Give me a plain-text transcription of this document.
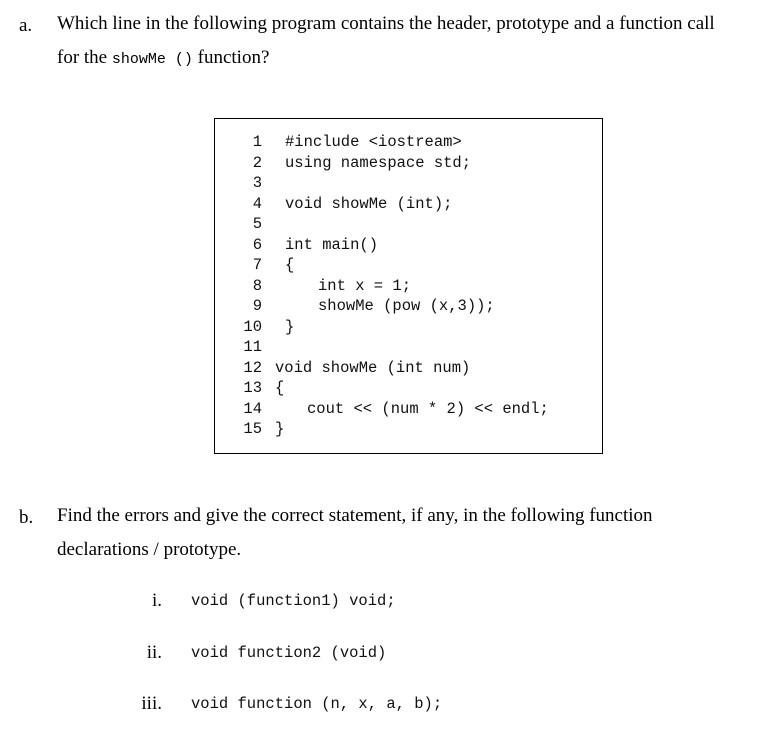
a. Which line in the following program contains the header, prototype and a function call
for the showMe () function?
1 #include <iostream>
2 using namespace std;
3
4 void showMe (int);
5
6 int main()
7 {
8	int x = 1;
9	showMe (pow (x,3));
10 }
11
12 void showMe (int num)
13 {
14	cout << (num * 2) << endl;
15 }
b. Find the errors and give the correct statement, if any, in the following function
declarations / prototype.
i. void (function1) void;
ii. void function2 (void)
iii. void function (n, x, a, b);
